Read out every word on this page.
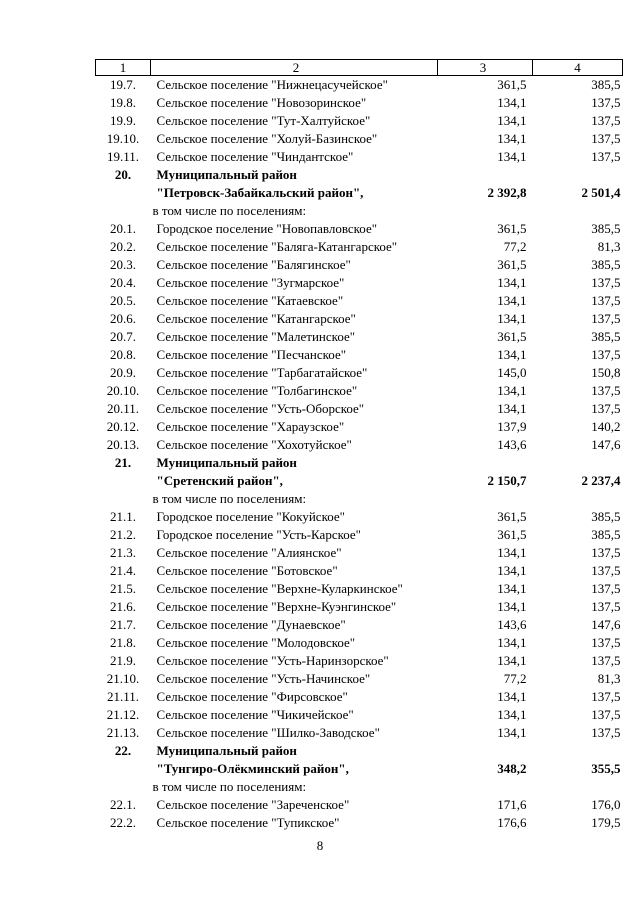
1	2	3	4
19.7.	Сельское поселение "Нижнецасучейское"	361,5	385,5
19.8.	Сельское поселение "Новозоринское"	134,1	137,5
19.9.	Сельское поселение "Тут-Халтуйское"	134,1	137,5
19.10.	Сельское поселение "Холуй-Базинское"	134,1	137,5
19.11.	Сельское поселение "Чиндантское"	134,1	137,5
20.	Муниципальный район
"Петровск-Забайкальский район",	2 392,8	2 501,4
	в том числе по поселениям:		
20.1.	Городское поселение "Новопавловское"	361,5	385,5
20.2.	Сельское поселение "Баляга-Катангарское"	77,2	81,3
20.3.	Сельское поселение "Балягинское"	361,5	385,5
20.4.	Сельское поселение "Зугмарское"	134,1	137,5
20.5.	Сельское поселение "Катаевское"	134,1	137,5
20.6.	Сельское поселение "Катангарское"	134,1	137,5
20.7.	Сельское поселение "Малетинское"	361,5	385,5
20.8.	Сельское поселение "Песчанское"	134,1	137,5
20.9.	Сельское поселение "Тарбагатайское"	145,0	150,8
20.10.	Сельское поселение "Толбагинское"	134,1	137,5
20.11.	Сельское поселение "Усть-Оборское"	134,1	137,5
20.12.	Сельское поселение "Хараузское"	137,9	140,2
20.13.	Сельское поселение "Хохотуйское"	143,6	147,6
21.	Муниципальный район
"Сретенский район",	2 150,7	2 237,4
	в том числе по поселениям:		
21.1.	Городское поселение "Кокуйское"	361,5	385,5
21.2.	Городское поселение "Усть-Карское"	361,5	385,5
21.3.	Сельское поселение "Алиянское"	134,1	137,5
21.4.	Сельское поселение "Ботовское"	134,1	137,5
21.5.	Сельское поселение "Верхне-Куларкинское"	134,1	137,5
21.6.	Сельское поселение "Верхне-Куэнгинское"	134,1	137,5
21.7.	Сельское поселение "Дунаевское"	143,6	147,6
21.8.	Сельское поселение "Молодовское"	134,1	137,5
21.9.	Сельское поселение "Усть-Наринзорское"	134,1	137,5
21.10.	Сельское поселение "Усть-Начинское"	77,2	81,3
21.11.	Сельское поселение "Фирсовское"	134,1	137,5
21.12.	Сельское поселение "Чикичейское"	134,1	137,5
21.13.	Сельское поселение "Шилко-Заводское"	134,1	137,5
22.	Муниципальный район
"Тунгиро-Олёкминский район",	348,2	355,5
	в том числе по поселениям:		
22.1.	Сельское поселение "Зареченское"	171,6	176,0
22.2.	Сельское поселение "Тупикское"	176,6	179,5
8
